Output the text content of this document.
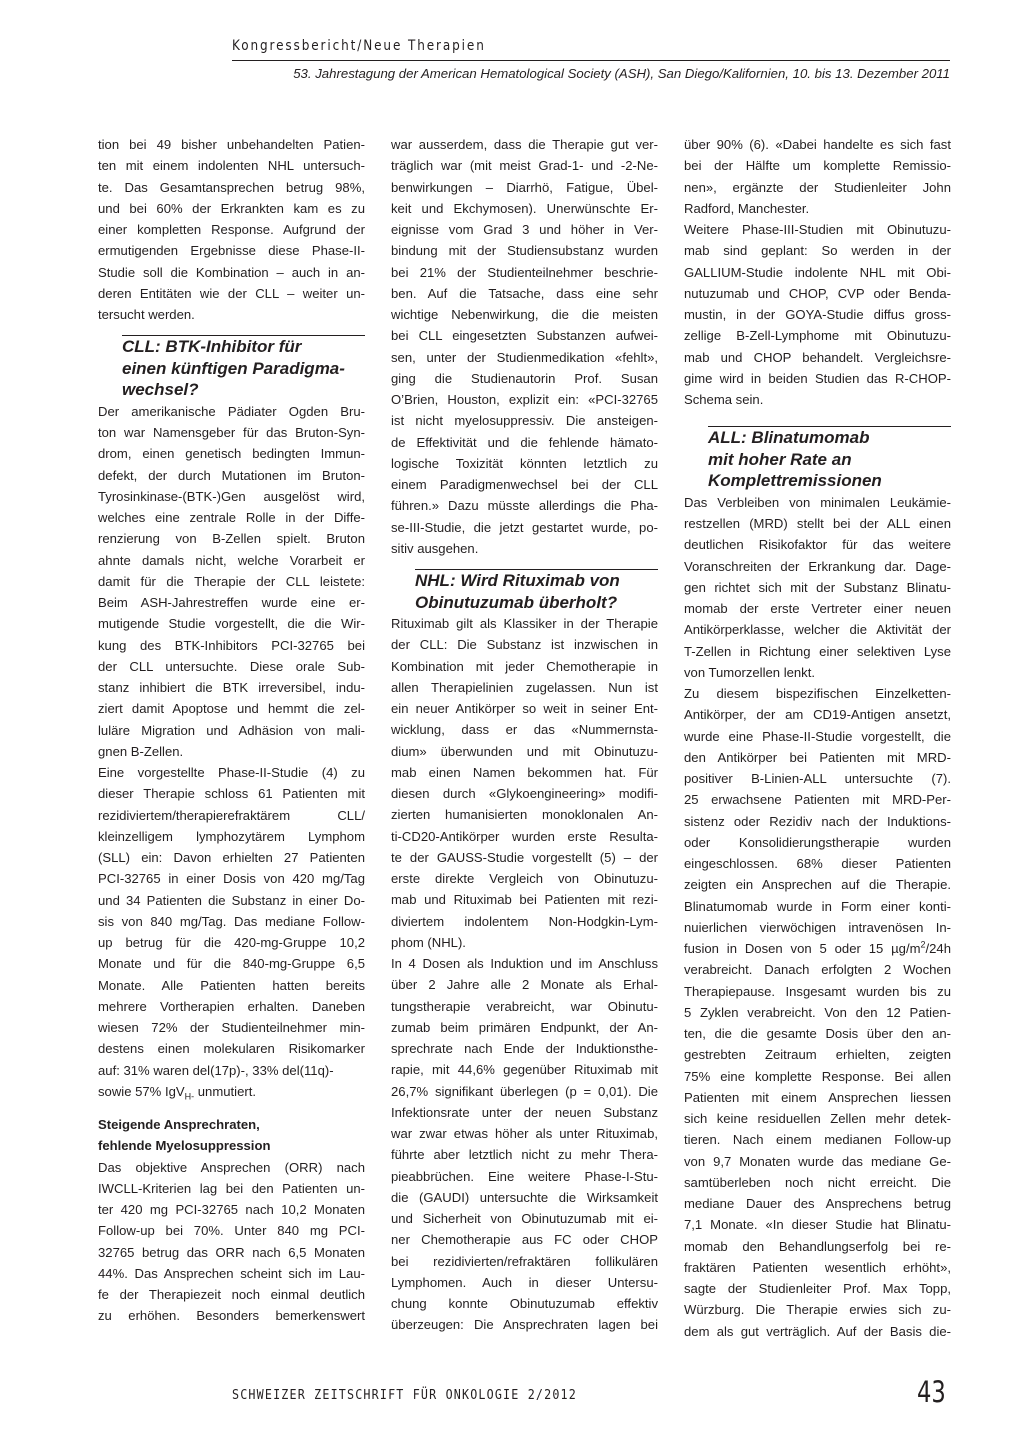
Kongressbericht/Neue Therapien
53. Jahrestagung der American Hematological Society (ASH), San Diego/Kalifornien, 10. bis 13. Dezember 2011
tion bei 49 bisher unbehandelten Patien-
ten mit einem indolenten NHL untersuch-
te. Das Gesamtansprechen betrug 98%,
und bei 60% der Erkrankten kam es zu
einer kompletten Response. Aufgrund der
ermutigenden Ergebnisse diese Phase-II-
Studie soll die Kombination – auch in an-
deren Entitäten wie der CLL – weiter un-
tersucht werden.
CLL: BTK-Inhibitor für
einen künftigen Paradigma-
wechsel?
Der amerikanische Pädiater Ogden Bru-
ton war Namensgeber für das Bruton-Syn-
drom, einen genetisch bedingten Immun-
defekt, der durch Mutationen im Bruton-
Tyrosinkinase-(BTK-)Gen ausgelöst wird,
welches eine zentrale Rolle in der Diffe-
renzierung von B-Zellen spielt. Bruton
ahnte damals nicht, welche Vorarbeit er
damit für die Therapie der CLL leistete:
Beim ASH-Jahrestreffen wurde eine er-
mutigende Studie vorgestellt, die die Wir-
kung des BTK-Inhibitors PCI-32765 bei
der CLL untersuchte. Diese orale Sub-
stanz inhibiert die BTK irreversibel, indu-
ziert damit Apoptose und hemmt die zel-
luläre Migration und Adhäsion von mali-
gnen B-Zellen.
Eine vorgestellte Phase-II-Studie (4) zu
dieser Therapie schloss 61 Patienten mit
rezidiviertem/therapierefraktärem CLL/
kleinzelligem lymphozytärem Lymphom
(SLL) ein: Davon erhielten 27 Patienten
PCI-32765 in einer Dosis von 420 mg/Tag
und 34 Patienten die Substanz in einer Do-
sis von 840 mg/Tag. Das mediane Follow-
up betrug für die 420-mg-Gruppe 10,2
Monate und für die 840-mg-Gruppe 6,5
Monate. Alle Patienten hatten bereits
mehrere Vortherapien erhalten. Daneben
wiesen 72% der Studienteilnehmer min-
destens einen molekularen Risikomarker
auf: 31% waren del(17p)-, 33% del(11q)-
sowie 57% IgV$_{H-}$ unmutiert.
Steigende Ansprechraten,
fehlende Myelosuppression
Das objektive Ansprechen (ORR) nach
IWCLL-Kriterien lag bei den Patienten un-
ter 420 mg PCI-32765 nach 10,2 Monaten
Follow-up bei 70%. Unter 840 mg PCI-
32765 betrug das ORR nach 6,5 Monaten
44%. Das Ansprechen scheint sich im Lau-
fe der Therapiezeit noch einmal deutlich
zu erhöhen. Besonders bemerkenswert
war ausserdem, dass die Therapie gut ver-
träglich war (mit meist Grad-1- und -2-Ne-
benwirkungen – Diarrhö, Fatigue, Übel-
keit und Ekchymosen). Unerwünschte Er-
eignisse vom Grad 3 und höher in Ver-
bindung mit der Studiensubstanz wurden
bei 21% der Studienteilnehmer beschrie-
ben. Auf die Tatsache, dass eine sehr
wichtige Nebenwirkung, die die meisten
bei CLL eingesetzten Substanzen aufwei-
sen, unter der Studienmedikation «fehlt»,
ging die Studienautorin Prof. Susan
O’Brien, Houston, explizit ein: «PCI-32765
ist nicht myelosuppressiv. Die ansteigen-
de Effektivität und die fehlende hämato-
logische Toxizität könnten letztlich zu
einem Paradigmenwechsel bei der CLL
führen.» Dazu müsste allerdings die Pha-
se-III-Studie, die jetzt gestartet wurde, po-
sitiv ausgehen.
NHL: Wird Rituximab von
Obinutuzumab überholt?
Rituximab gilt als Klassiker in der Therapie
der CLL: Die Substanz ist inzwischen in
Kombination mit jeder Chemotherapie in
allen Therapielinien zugelassen. Nun ist
ein neuer Antikörper so weit in seiner Ent-
wicklung, dass er das «Nummernsta-
dium» überwunden und mit Obinutuzu-
mab einen Namen bekommen hat. Für
diesen durch «Glykoengineering» modifi-
zierten humanisierten monoklonalen An-
ti-CD20-Antikörper wurden erste Resulta-
te der GAUSS-Studie vorgestellt (5) – der
erste direkte Vergleich von Obinutuzu-
mab und Rituximab bei Patienten mit rezi-
diviertem indolentem Non-Hodgkin-Lym-
phom (NHL).
In 4 Dosen als Induktion und im Anschluss
über 2 Jahre alle 2 Monate als Erhal-
tungstherapie verabreicht, war Obinutu-
zumab beim primären Endpunkt, der An-
sprechrate nach Ende der Induktionsthe-
rapie, mit 44,6% gegenüber Rituximab mit
26,7% signifikant überlegen (p = 0,01). Die
Infektionsrate unter der neuen Substanz
war zwar etwas höher als unter Rituximab,
führte aber letztlich nicht zu mehr Thera-
pieabbrüchen. Eine weitere Phase-I-Stu-
die (GAUDI) untersuchte die Wirksamkeit
und Sicherheit von Obinutuzumab mit ei-
ner Chemotherapie aus FC oder CHOP
bei rezidivierten/refraktären follikulären
Lymphomen. Auch in dieser Untersu-
chung konnte Obinutuzumab effektiv
überzeugen: Die Ansprechraten lagen bei
über 90% (6). «Dabei handelte es sich fast
bei der Hälfte um komplette Remissio-
nen», ergänzte der Studienleiter John
Radford, Manchester.
Weitere Phase-III-Studien mit Obinutuzu-
mab sind geplant: So werden in der
GALLIUM-Studie indolente NHL mit Obi-
nutuzumab und CHOP, CVP oder Benda-
mustin, in der GOYA-Studie diffus gross-
zellige B-Zell-Lymphome mit Obinutuzu-
mab und CHOP behandelt. Vergleichsre-
gime wird in beiden Studien das R-CHOP-
Schema sein.
ALL: Blinatumomab
mit hoher Rate an
Komplettremissionen
Das Verbleiben von minimalen Leukämie-
restzellen (MRD) stellt bei der ALL einen
deutlichen Risikofaktor für das weitere
Voranschreiten der Erkrankung dar. Dage-
gen richtet sich mit der Substanz Blinatu-
momab der erste Vertreter einer neuen
Antikörperklasse, welcher die Aktivität der
T-Zellen in Richtung einer selektiven Lyse
von Tumorzellen lenkt.
Zu diesem bispezifischen Einzelketten-
Antikörper, der am CD19-Antigen ansetzt,
wurde eine Phase-II-Studie vorgestellt, die
den Antikörper bei Patienten mit MRD-
positiver B-Linien-ALL untersuchte (7).
25 erwachsene Patienten mit MRD-Per-
sistenz oder Rezidiv nach der Induktions-
oder Konsolidierungstherapie wurden
eingeschlossen. 68% dieser Patienten
zeigten ein Ansprechen auf die Therapie.
Blinatumomab wurde in Form einer konti-
nuierlichen vierwöchigen intravenösen In-
fusion in Dosen von 5 oder 15 $\mu g/m^2/24h$
verabreicht. Danach erfolgten 2 Wochen
Therapiepause. Insgesamt wurden bis zu
5 Zyklen verabreicht. Von den 12 Patien-
ten, die die gesamte Dosis über den an-
gestrebten Zeitraum erhielten, zeigten
75% eine komplette Response. Bei allen
Patienten mit einem Ansprechen liessen
sich keine residuellen Zellen mehr detek-
tieren. Nach einem medianen Follow-up
von 9,7 Monaten wurde das mediane Ge-
samtüberleben noch nicht erreicht. Die
mediane Dauer des Ansprechens betrug
7,1 Monate. «In dieser Studie hat Blinatu-
momab den Behandlungserfolg bei re-
fraktären Patienten wesentlich erhöht»,
sagte der Studienleiter Prof. Max Topp,
Würzburg. Die Therapie erwies sich zu-
dem als gut verträglich. Auf der Basis die-
SCHWEIZER ZEITSCHRIFT FÜR ONKOLOGIE 2/2012	43
